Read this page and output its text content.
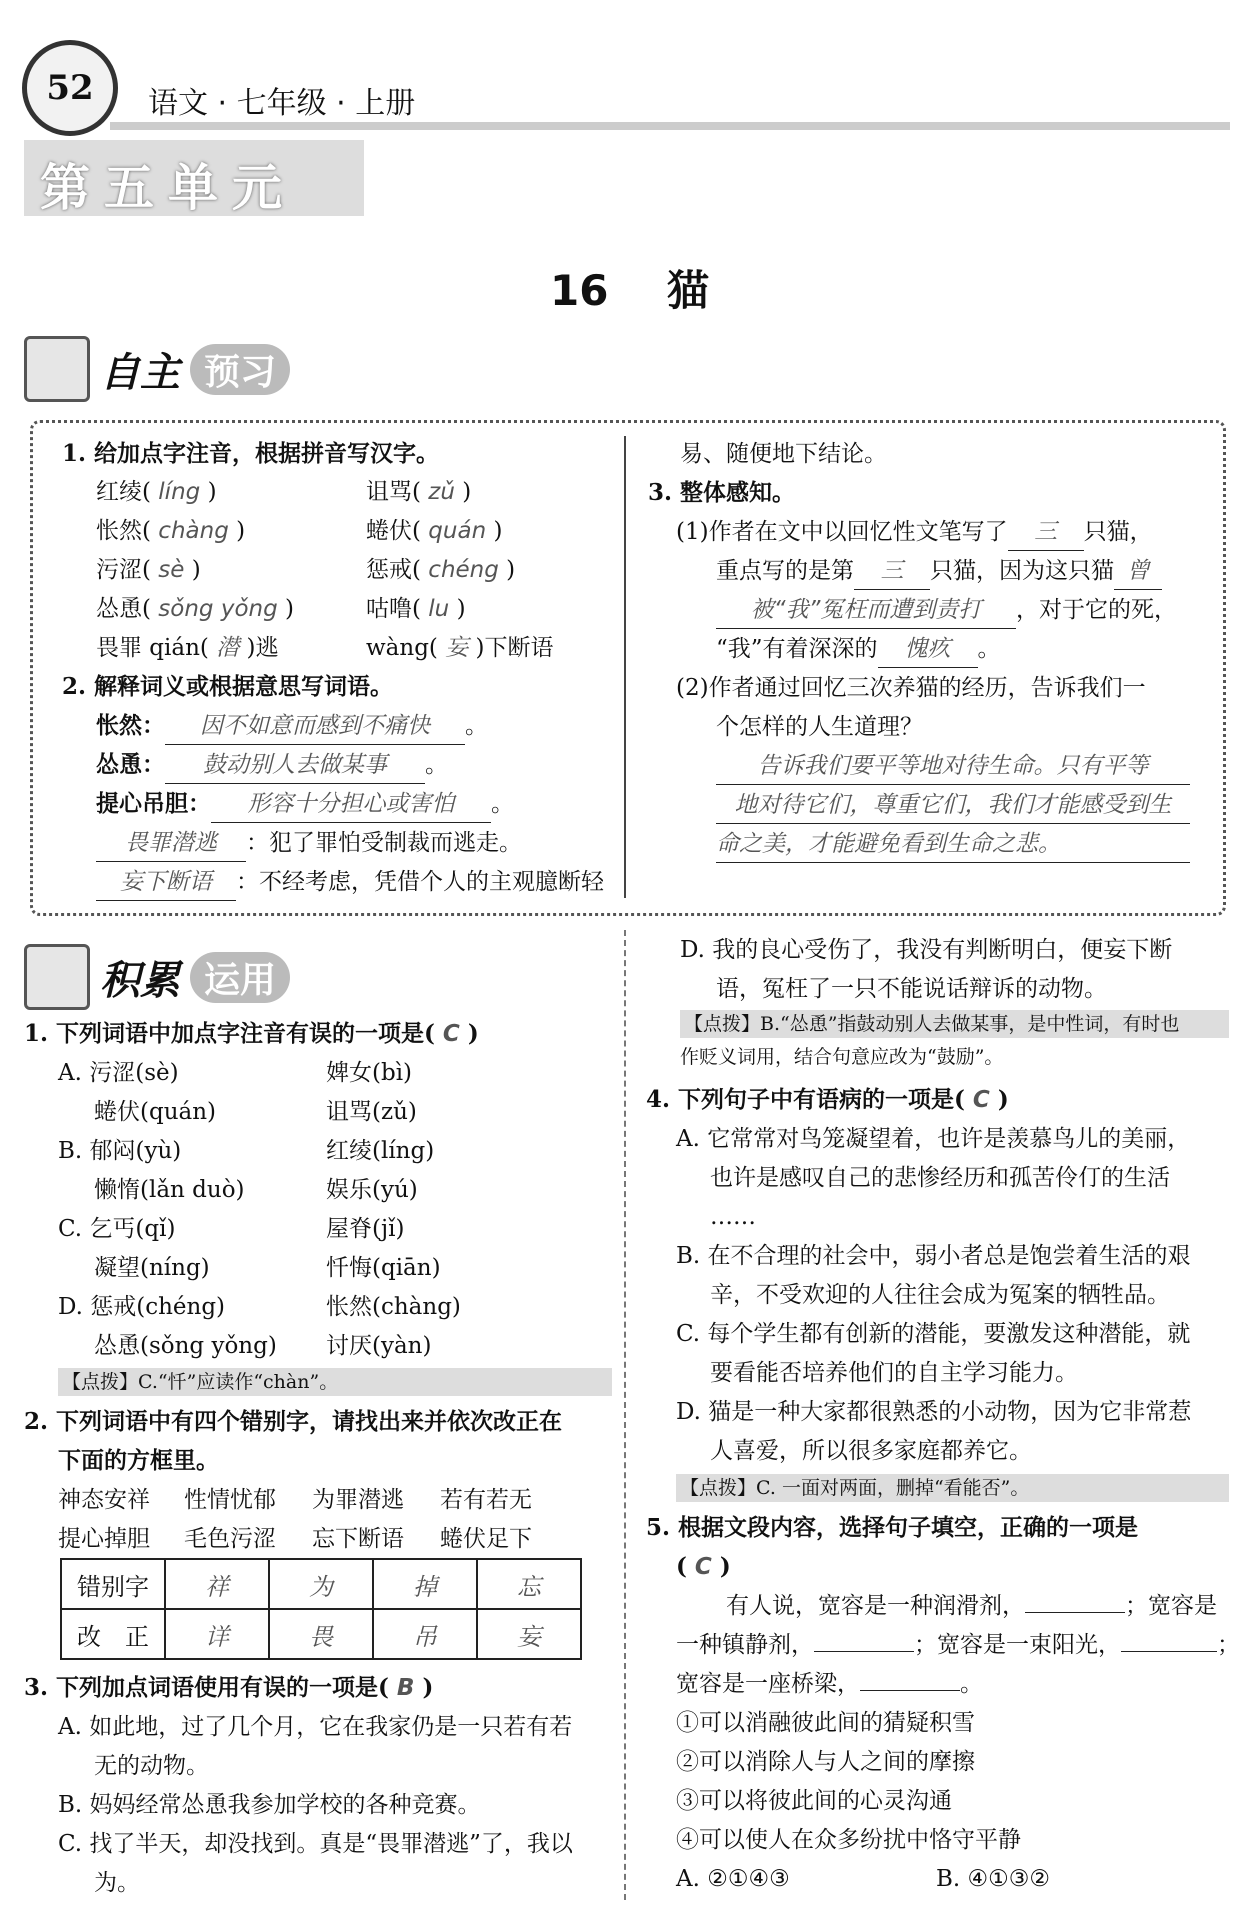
52	语文 · 七年级 · 上册
第五单元
16 猫
自主 预习
1. 给加点字注音，根据拼音写汉字。
红绫( líng )	诅骂( zǔ )
怅然( chàng )	蜷伏( quán )
污涩( sè )	惩戒( chéng )
怂恿( sǒng yǒng )	咕噜( lu )
畏罪 qián( 潜 )逃	wàng( 妄 )下断语
2. 解释词义或根据意思写词语。
怅然： 因不如意而感到不痛快 。
怂恿： 鼓动别人去做某事 。
提心吊胆： 形容十分担心或害怕 。
畏罪潜逃 ：犯了罪怕受制裁而逃走。
妄下断语 ：不经考虑，凭借个人的主观臆断轻
易、随便地下结论。
3. 整体感知。
(1)作者在文中以回忆性文笔写了 三 只猫，
重点写的是第 三 只猫，因为这只猫 曾
被“我”冤枉而遭到责打 ，对于它的死，
“我”有着深深的 愧疚 。
(2)作者通过回忆三次养猫的经历，告诉我们一
个怎样的人生道理？
告诉我们要平等地对待生命。只有平等
地对待它们，尊重它们，我们才能感受到生
命之美，才能避免看到生命之悲。
积累 运用
1. 下列词语中加点字注音有误的一项是( C )
A. 污涩(sè)	婢女(bì)
蜷伏(quán)	诅骂(zǔ)
B. 郁闷(yù)	红绫(líng)
懒惰(lǎn duò)	娱乐(yú)
C. 乞丐(qǐ)	屋脊(jǐ)
凝望(níng)	忏悔(qiān)
D. 惩戒(chéng)	怅然(chàng)
怂恿(sǒng yǒng) 讨厌(yàn)
【点拨】C.“忏”应读作“chàn”。
2. 下列词语中有四个错别字，请找出来并依次改正在
下面的方框里。
神态安祥 性情忧郁 为罪潜逃 若有若无
提心掉胆 毛色污涩 忘下断语 蜷伏足下
错别字	祥	为	掉	忘
改　正	详	畏	吊	妄
3. 下列加点词语使用有误的一项是( B )
A. 如此地，过了几个月，它在我家仍是一只若有若
无的动物。
B. 妈妈经常怂恿我参加学校的各种竞赛。
C. 找了半天，却没找到。真是“畏罪潜逃”了，我以
为。
D. 我的良心受伤了，我没有判断明白，便妄下断
语，冤枉了一只不能说话辩诉的动物。
【点拨】B.“怂恿”指鼓动别人去做某事，是中性词，有时也
作贬义词用，结合句意应改为“鼓励”。
4. 下列句子中有语病的一项是( C )
A. 它常常对鸟笼凝望着，也许是羡慕鸟儿的美丽，
也许是感叹自己的悲惨经历和孤苦伶仃的生活
……
B. 在不合理的社会中，弱小者总是饱尝着生活的艰
辛，不受欢迎的人往往会成为冤案的牺牲品。
C. 每个学生都有创新的潜能，要激发这种潜能，就
要看能否培养他们的自主学习能力。
D. 猫是一种大家都很熟悉的小动物，因为它非常惹
人喜爱，所以很多家庭都养它。
【点拨】C. 一面对两面，删掉“看能否”。
5. 根据文段内容，选择句子填空，正确的一项是
( C )
有人说，宽容是一种润滑剂，	；宽容是
一种镇静剂，	；宽容是一束阳光，	；
宽容是一座桥梁，	。
①可以消融彼此间的猜疑积雪
②可以消除人与人之间的摩擦
③可以将彼此间的心灵沟通
④可以使人在众多纷扰中恪守平静
A. ②①④③	B. ④①③②
